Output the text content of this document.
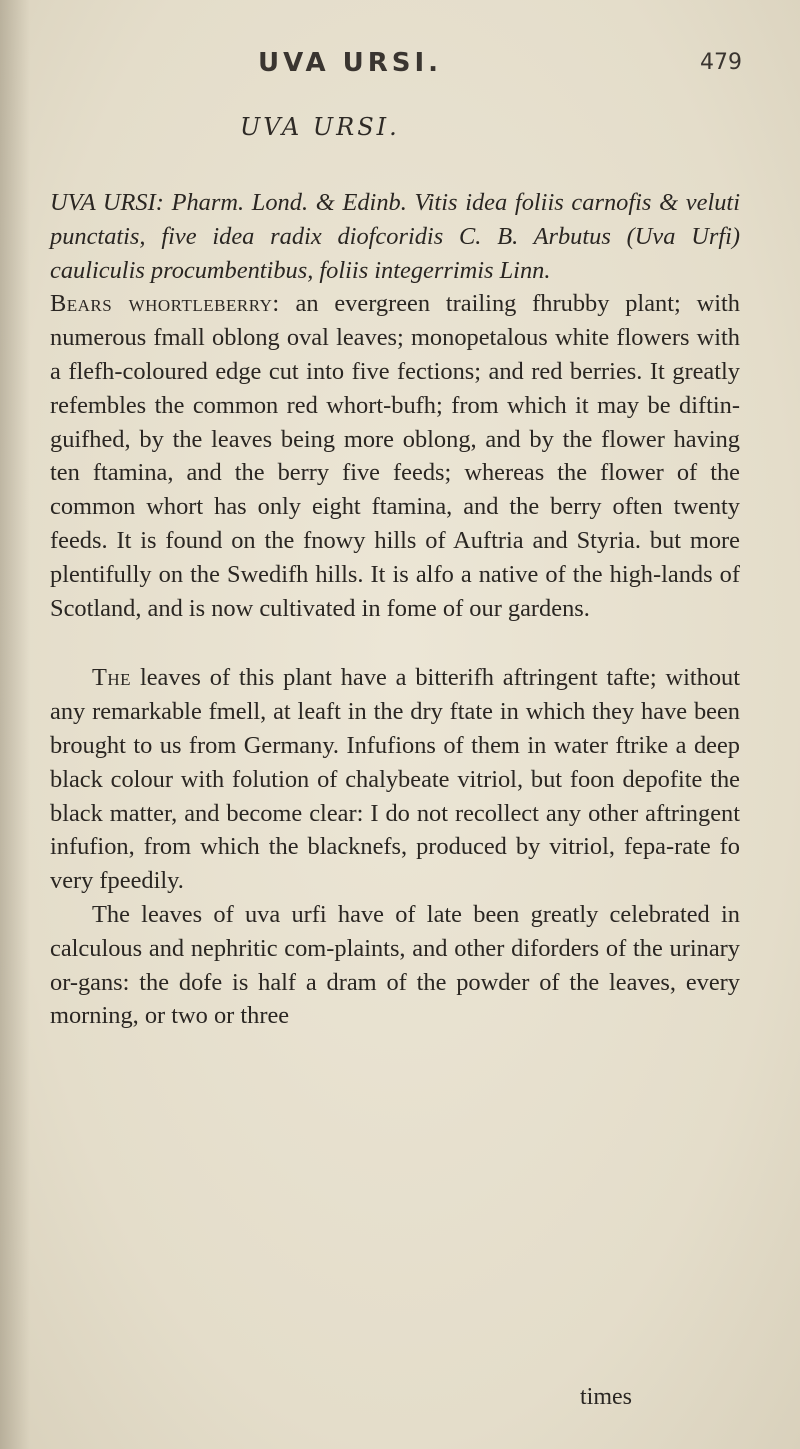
UVA URSI.	479
UVA URSI.

UVA URSI: Pharm. Lond. & Edinb. Vitis idea foliis carnofis & veluti punctatis, five idea radix diofcoridis C. B. Arbutus (Uva Urfi) cauliculis procumbentibus, foliis integerrimis Linn.

Bears whortleberry: an evergreen trailing fhrubby plant; with numerous fmall oblong oval leaves; monopetalous white flowers with a flefh-coloured edge cut into five fections; and red berries. It greatly refembles the common red whort-bufh; from which it may be diftin-guifhed, by the leaves being more oblong, and by the flower having ten ftamina, and the berry five feeds; whereas the flower of the common whort has only eight ftamina, and the berry often twenty feeds. It is found on the fnowy hills of Auftria and Styria. but more plentifully on the Swedifh hills. It is alfo a native of the high-lands of Scotland, and is now cultivated in fome of our gardens.

The leaves of this plant have a bitterifh aftringent tafte; without any remarkable fmell, at leaft in the dry ftate in which they have been brought to us from Germany. Infufions of them in water ftrike a deep black colour with folution of chalybeate vitriol, but foon depofite the black matter, and become clear: I do not recollect any other aftringent infufion, from which the blacknefs, produced by vitriol, fepa-rate fo very fpeedily.

The leaves of uva urfi have of late been greatly celebrated in calculous and nephritic com-plaints, and other diforders of the urinary or-gans: the dofe is half a dram of the powder of the leaves, every morning, or two or three

times
